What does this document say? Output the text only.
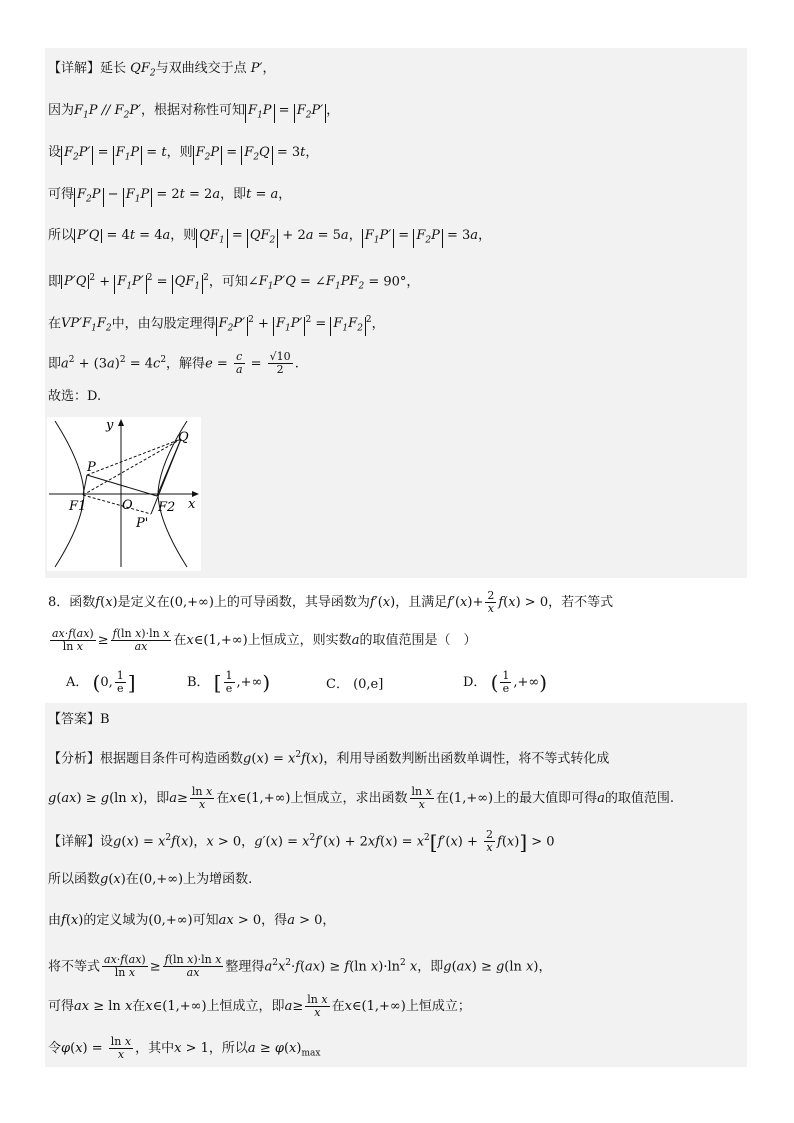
【详解】延长 $QF_2$与双曲线交于点 P′，
因为$F_1P // F_2P'$，根据对称性可知 $F_1P = F_2P'$ ，
设 $F_2P' = F_1P = t$，则 $F_2P = F_2Q = 3t$，
可得 $F_2P - F_1P = 2t = 2a$，即t = a，
所以 P′Q = 4t = 4a，则 $QF_1 = QF_2 + 2a = 5a$， $F_1P' = F_2P = 3a$，
即 P′Q $^2 + F_1P'$ $^2 = QF_1^2$，可知$\angle F_1P'Q$ = $\angle F_1PF_2 = 90^\circ$，
在$VP'F_1F_2$中，由勾股定理得 $F_2P'$ $^2 + F_1P'$ $^2 = F_1F_2^2$，
即$a^2 + (3a)^2 = 4c^2$，解得$e = \frac{c}{a} = \frac{√10}{2}$ .
故选：D.
y
Q
P
O
F1	F2
P'
x
8．函数f(x)是定义在(0,+∞)上的可导函数，其导函数为f′(x)，且满足$f'(x)+ \frac{2}{x} f(x) > 0$，若不等式
$\frac{ax\cdot f(ax)}{\text{ln x}} \ge \frac{\text{f(ln x)·ln x}}{ax}$ 在x∈(1,+∞)上恒成立，则实数a的取值范围是（　）
A． (0, $\frac{1}{e}$ ]	B． [ $\frac{1}{e}$ ,+∞)	C． (0,e]	D． ( $\frac{1}{e}$ ,+∞)
【答案】B
【分析】根据题目条件可构造函数$g(x) = x^2f(x)$，利用导函数判断出函数单调性，将不等式转化成
g(ax) ≥ g(ln x)，即$a\ge \frac{\text{ln x}}{x}$ 在x∈(1,+∞)上恒成立，求出函数 $\frac{\text{ln x}}{x}$ 在(1,+∞)上的最大值即可得a的取值范围.
【详解】设$g(x) = x^2f(x)$，x > 0，$g'(x) = x^2f'(x) + 2xf(x) = x^2[f'(x) + \frac{2}{x} f(x)] > 0$
所以函数g(x)在(0,+∞)上为增函数.
由f(x)的定义域为(0,+∞)可知ax > 0，得a > 0，
将不等式 $\frac{ax\cdot f(ax)}{\text{ln x}} \ge \frac{\text{f(ln x)·ln x}}{ax}$ 整理得$a^2x^2\cdot f(ax) \ge f(\ln$ $x)\cdot\ln^2$ x，即g(ax) ≥ g(ln x)，
可得ax ≥ ln x在x∈(1,+∞)上恒成立，即$a\ge \frac{\text{ln x}}{x}$ 在x∈(1,+∞)上恒成立；
令$\varphi(x) = \frac{\text{ln x}}{x}$ ，其中x > 1，所以$a \ge \varphi(x)_{max}$
